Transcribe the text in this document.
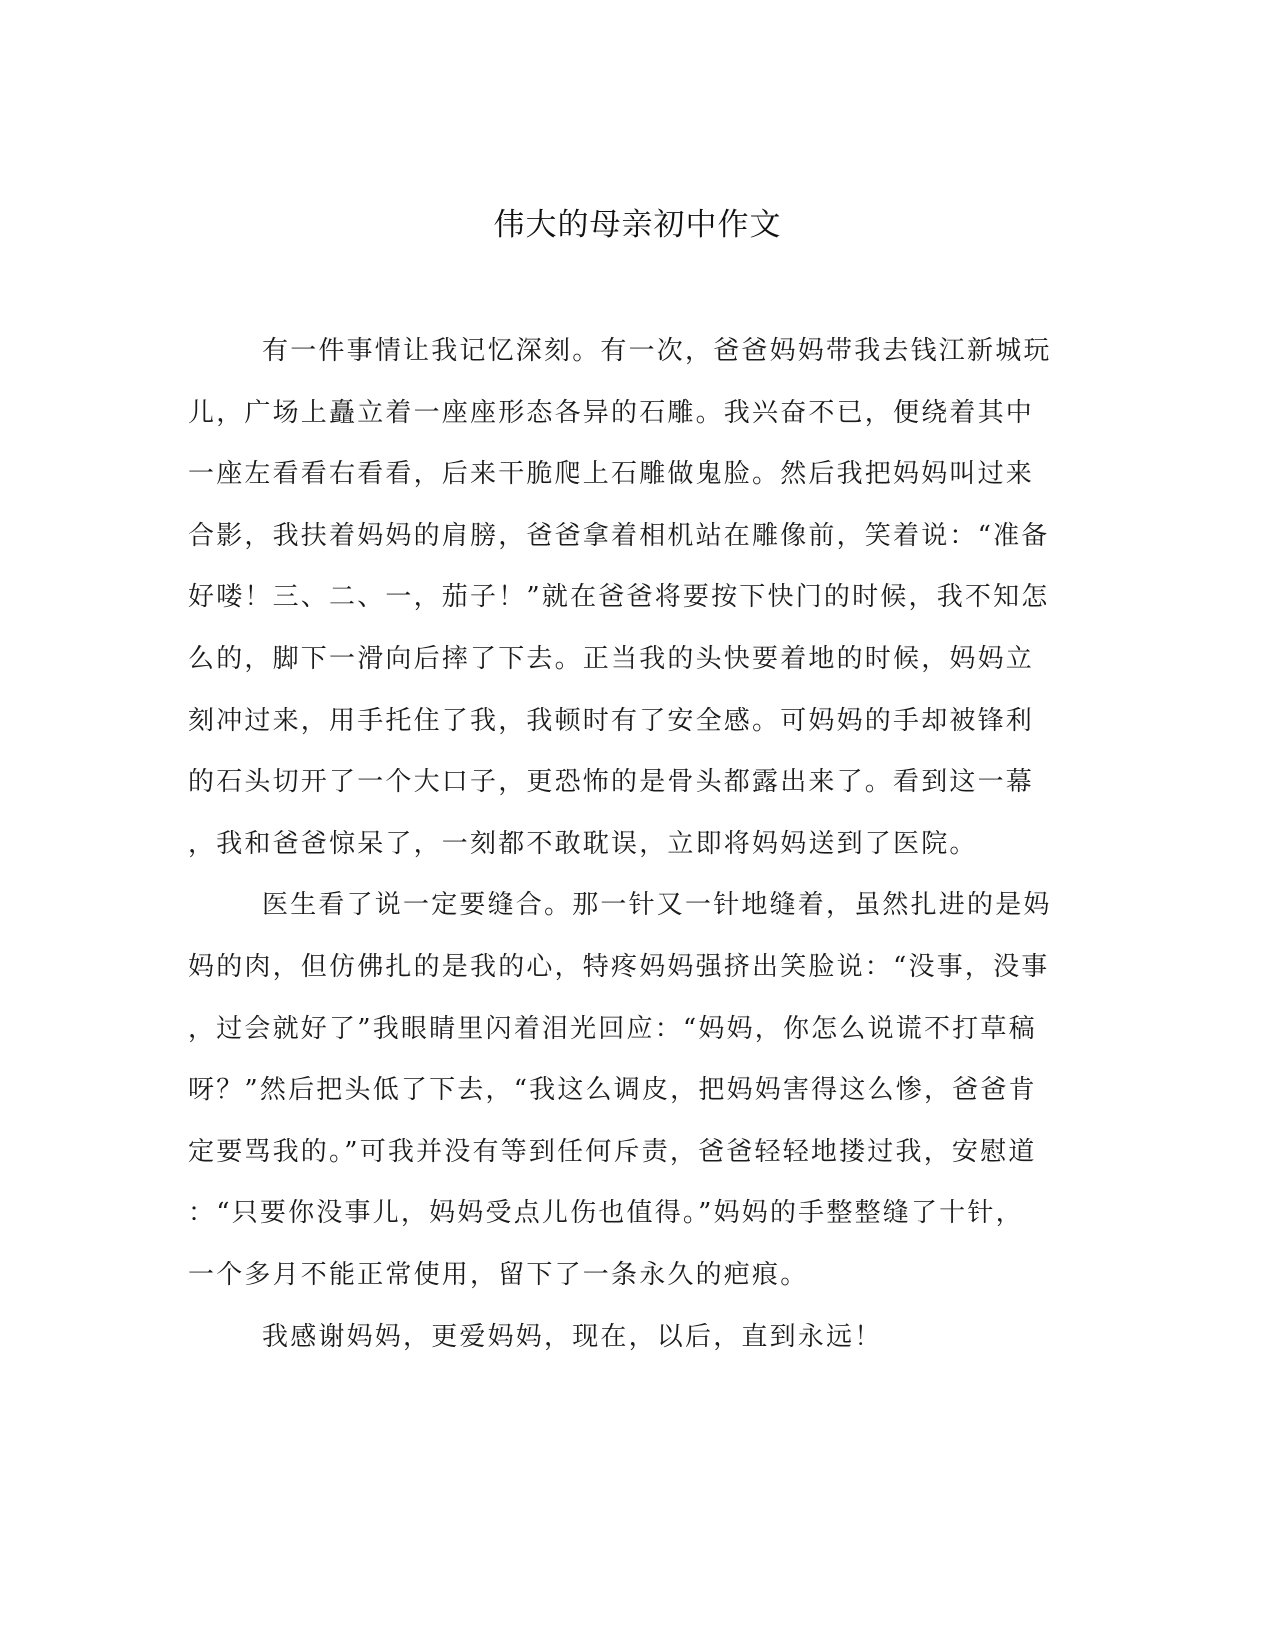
伟大的母亲初中作文
有一件事情让我记忆深刻。有一次，爸爸妈妈带我去钱江新城玩
儿，广场上矗立着一座座形态各异的石雕。我兴奋不已，便绕着其中
一座左看看右看看，后来干脆爬上石雕做鬼脸。然后我把妈妈叫过来
合影，我扶着妈妈的肩膀，爸爸拿着相机站在雕像前，笑着说：“准备
好喽！三、二、一，茄子！”就在爸爸将要按下快门的时候，我不知怎
么的，脚下一滑向后摔了下去。正当我的头快要着地的时候，妈妈立
刻冲过来，用手托住了我，我顿时有了安全感。可妈妈的手却被锋利
的石头切开了一个大口子，更恐怖的是骨头都露出来了。看到这一幕
，我和爸爸惊呆了，一刻都不敢耽误，立即将妈妈送到了医院。
医生看了说一定要缝合。那一针又一针地缝着，虽然扎进的是妈
妈的肉，但仿佛扎的是我的心，特疼妈妈强挤出笑脸说：“没事，没事
，过会就好了”我眼睛里闪着泪光回应：“妈妈，你怎么说谎不打草稿
呀？”然后把头低了下去，“我这么调皮，把妈妈害得这么惨，爸爸肯
定要骂我的。”可我并没有等到任何斥责，爸爸轻轻地搂过我，安慰道
：“只要你没事儿，妈妈受点儿伤也值得。”妈妈的手整整缝了十针，
一个多月不能正常使用，留下了一条永久的疤痕。
我感谢妈妈，更爱妈妈，现在，以后，直到永远！
